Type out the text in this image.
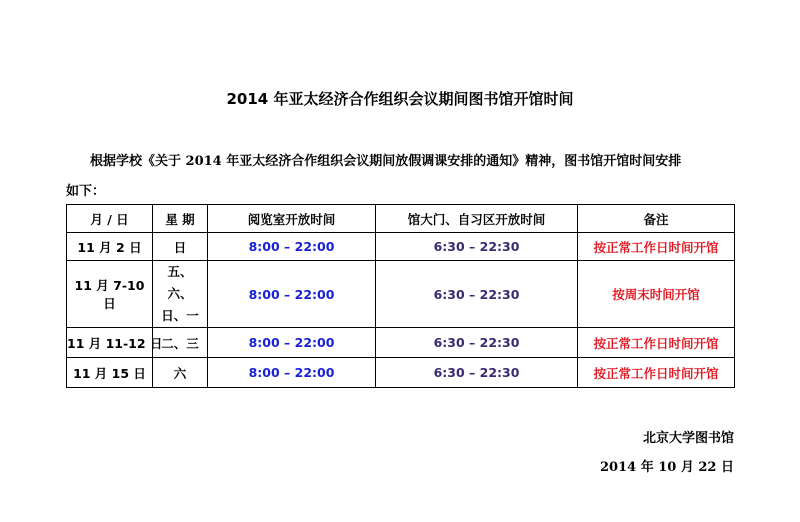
2014 年亚太经济合作组织会议期间图书馆开馆时间
根据学校《关于 2014 年亚太经济合作组织会议期间放假调课安排的通知》精神，图书馆开馆时间安排
如下：
月 / 日	星 期	阅览室开放时间	馆大门、自习区开放时间	备注
11 月 2 日	日	8:00 – 22:00	6:30 – 22:30	按正常工作日时间开馆
11 月 7-10 日	五、六、日、一	8:00 – 22:00	6:30 – 22:30	按周末时间开馆
11 月 11-12 日	二、三	8:00 – 22:00	6:30 – 22:30	按正常工作日时间开馆
11 月 15 日	六	8:00 – 22:00	6:30 – 22:30	按正常工作日时间开馆
北京大学图书馆
2014 年 10 月 22 日
